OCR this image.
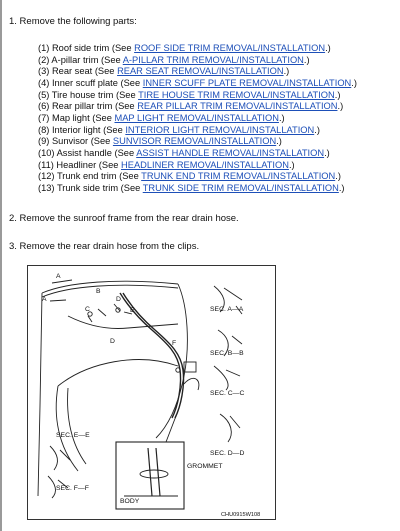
1. Remove the following parts:
(1) Roof side trim (See ROOF SIDE TRIM REMOVAL/INSTALLATION.)
(2) A-pillar trim (See A-PILLAR TRIM REMOVAL/INSTALLATION.)
(3) Rear seat (See REAR SEAT REMOVAL/INSTALLATION.)
(4) Inner scuff plate (See INNER SCUFF PLATE REMOVAL/INSTALLATION.)
(5) Tire house trim (See TIRE HOUSE TRIM REMOVAL/INSTALLATION.)
(6) Rear pillar trim (See REAR PILLAR TRIM REMOVAL/INSTALLATION.)
(7) Map light (See MAP LIGHT REMOVAL/INSTALLATION.)
(8) Interior light (See INTERIOR LIGHT REMOVAL/INSTALLATION.)
(9) Sunvisor (See SUNVISOR REMOVAL/INSTALLATION.)
(10) Assist handle (See ASSIST HANDLE REMOVAL/INSTALLATION.)
(11) Headliner (See HEADLINER REMOVAL/INSTALLATION.)
(12) Trunk end trim (See TRUNK END TRIM REMOVAL/INSTALLATION.)
(13) Trunk side trim (See TRUNK SIDE TRIM REMOVAL/INSTALLATION.)
2. Remove the sunroof frame from the rear drain hose.
3. Remove the rear drain hose from the clips.
A
A
B
C
D
D
E
F
SEC. A—A
SEC. B—B
SEC. C—C
SEC. D—D
SEC. E—E
SEC. F—F
GROMMET
BODY
CHU0915W108
